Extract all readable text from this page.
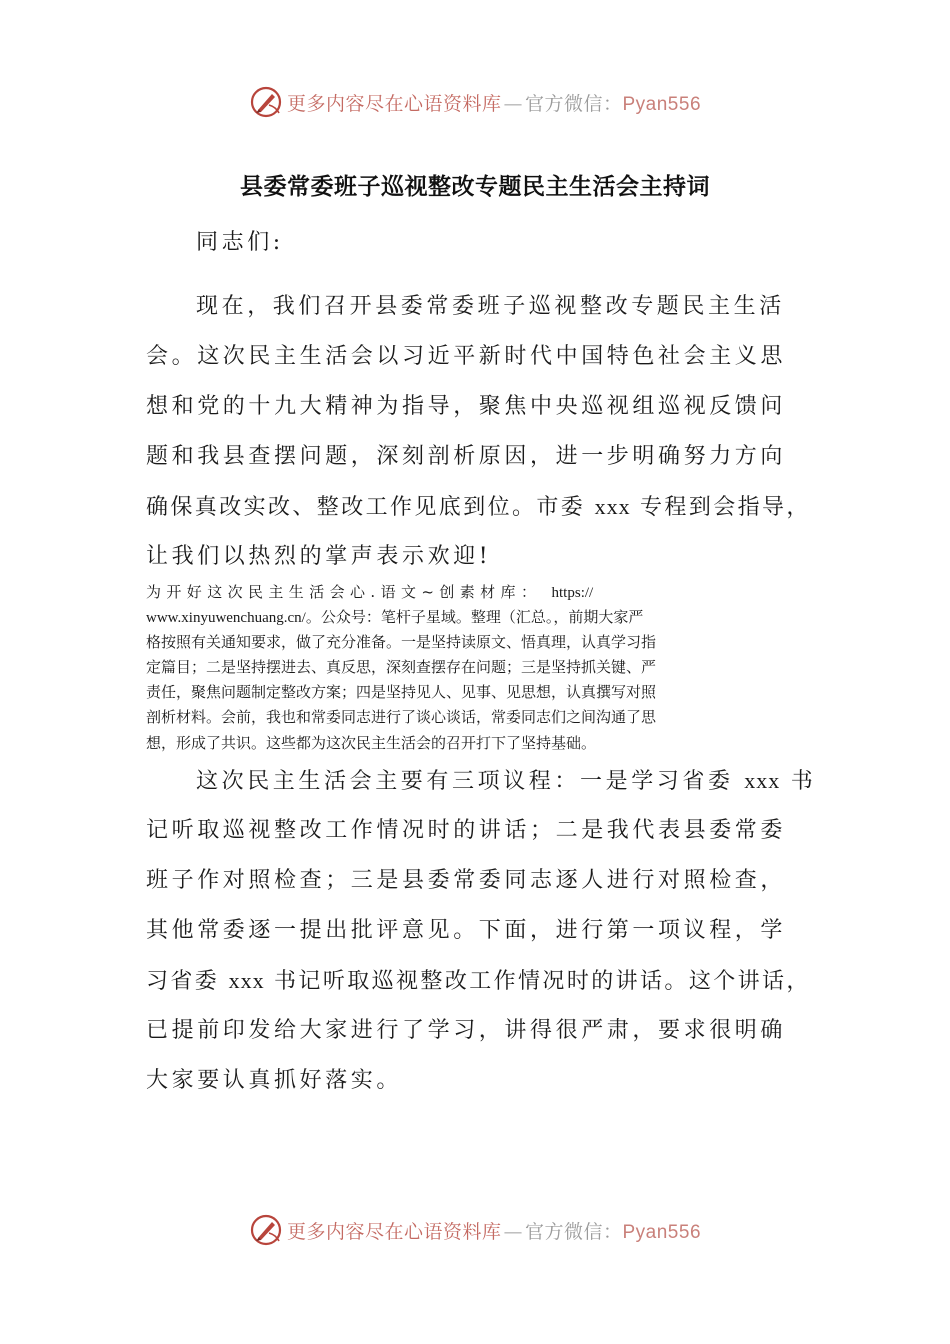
更多内容尽在心语资料库 — 官方微信：Pyan556
县委常委班子巡视整改专题民主生活会主持词
同志们:
现在，我们召开县委常委班子巡视整改专题民主生活
会。这次民主生活会以习近平新时代中国特色社会主义思
想和党的十九大精神为指导，聚焦中央巡视组巡视反馈问
题和我县查摆问题，深刻剖析原因，进一步明确努力方向
确保真改实改、整改工作见底到位。市委 xxx 专程到会指导，
让我们以热烈的掌声表示欢迎!
为开好这次民主生活会心.语文~创素材库： https://
www.xinyuwenchuang.cn/。公众号：笔杆子星域。整理（汇总。，前期大家严
格按照有关通知要求，做了充分准备。一是坚持读原文、悟真理，认真学习指
定篇目；二是坚持摆进去、真反思，深刻查摆存在问题；三是坚持抓关键、严
责任，聚焦问题制定整改方案；四是坚持见人、见事、见思想，认真撰写对照
剖析材料。会前，我也和常委同志进行了谈心谈话，常委同志们之间沟通了思
想，形成了共识。这些都为这次民主生活会的召开打下了坚持基础。
这次民主生活会主要有三项议程：一是学习省委 xxx 书
记听取巡视整改工作情况时的讲话；二是我代表县委常委
班子作对照检查；三是县委常委同志逐人进行对照检查，
其他常委逐一提出批评意见。下面，进行第一项议程，学
习省委 xxx 书记听取巡视整改工作情况时的讲话。这个讲话，
已提前印发给大家进行了学习，讲得很严肃，要求很明确
大家要认真抓好落实。
更多内容尽在心语资料库 — 官方微信：Pyan556
